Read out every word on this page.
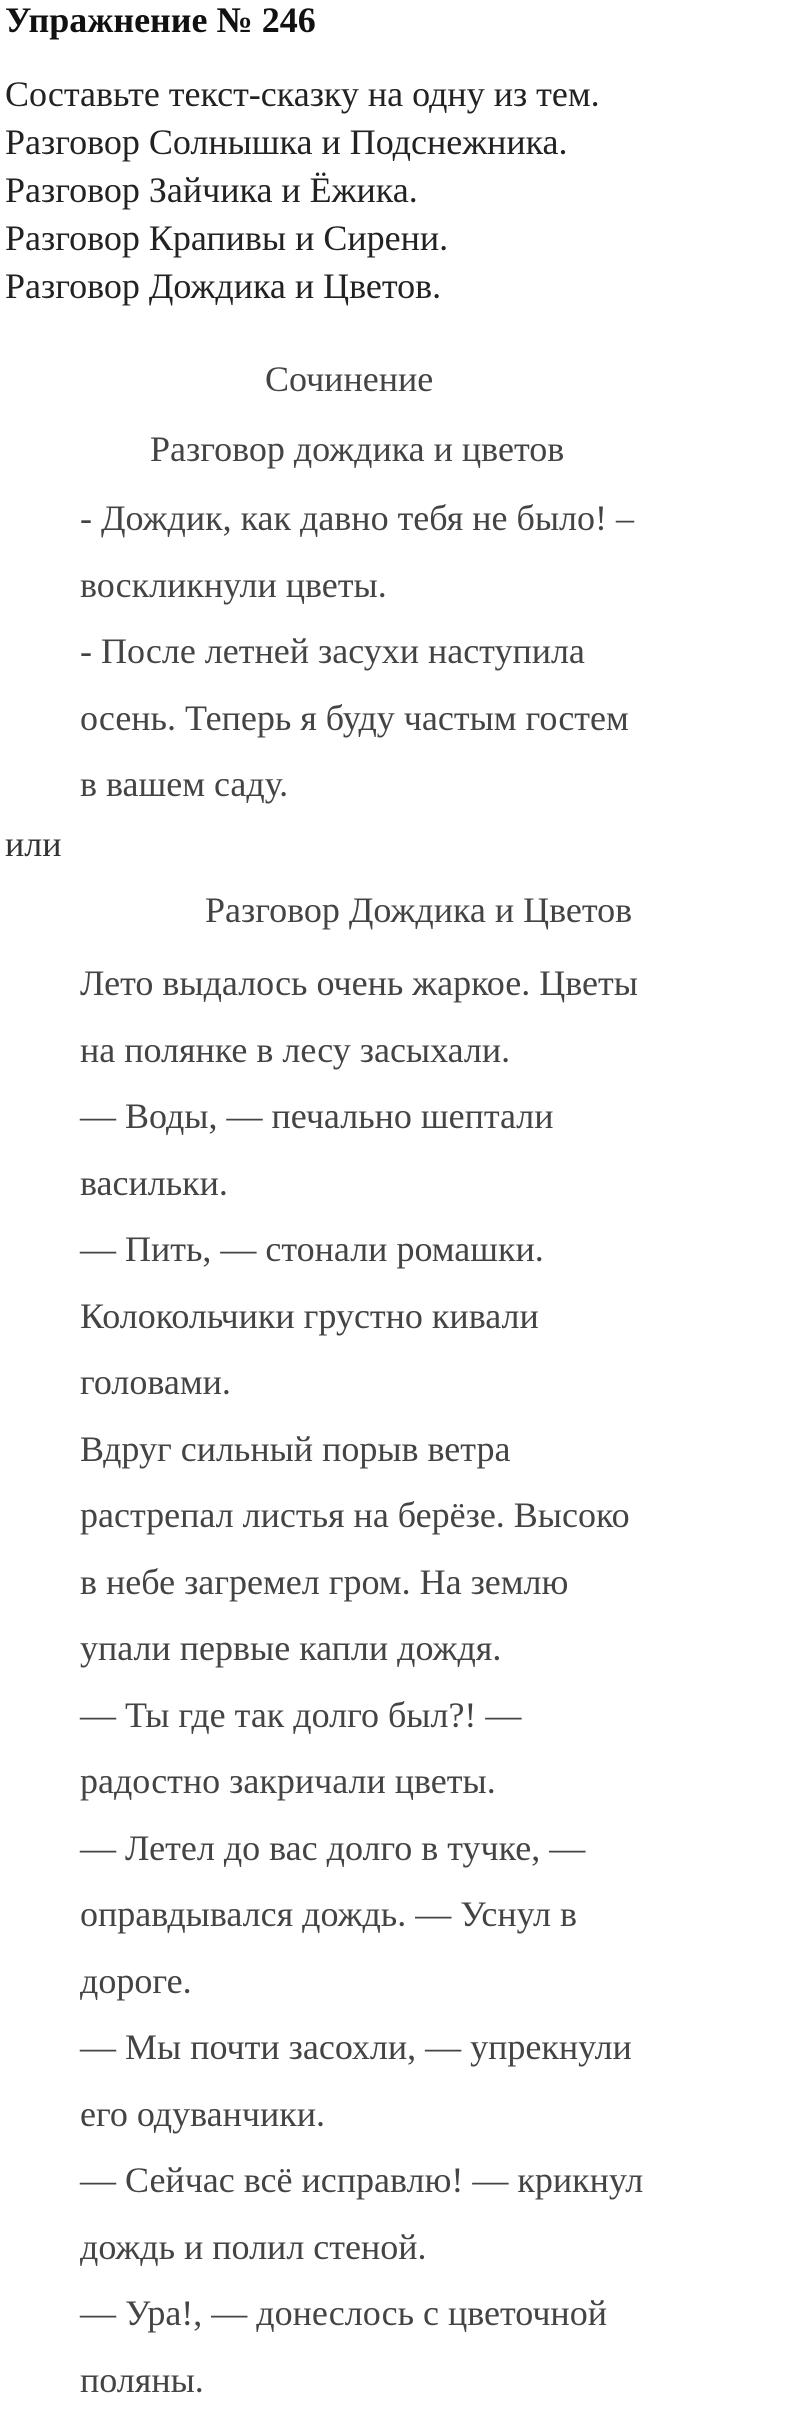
Упражнение № 246
Составьте текст-сказку на одну из тем.
Разговор Солнышка и Подснежника.
Разговор Зайчика и Ёжика.
Разговор Крапивы и Сирени.
Разговор Дождика и Цветов.
Сочинение
Разговор дождика и цветов
- Дождик, как давно тебя не было! –
воскликнули цветы.
- После летней засухи наступила
осень. Теперь я буду частым гостем
в вашем саду.
или
Разговор Дождика и Цветов
Лето выдалось очень жаркое. Цветы
на полянке в лесу засыхали.
— Воды, — печально шептали
васильки.
— Пить, — стонали ромашки.
Колокольчики грустно кивали
головами.
Вдруг сильный порыв ветра
растрепал листья на берёзе. Высоко
в небе загремел гром. На землю
упали первые капли дождя.
— Ты где так долго был?! —
радостно закричали цветы.
— Летел до вас долго в тучке, —
оправдывался дождь. — Уснул в
дороге.
— Мы почти засохли, — упрекнули
его одуванчики.
— Сейчас всё исправлю! — крикнул
дождь и полил стеной.
— Ура!, — донеслось с цветочной
поляны.
